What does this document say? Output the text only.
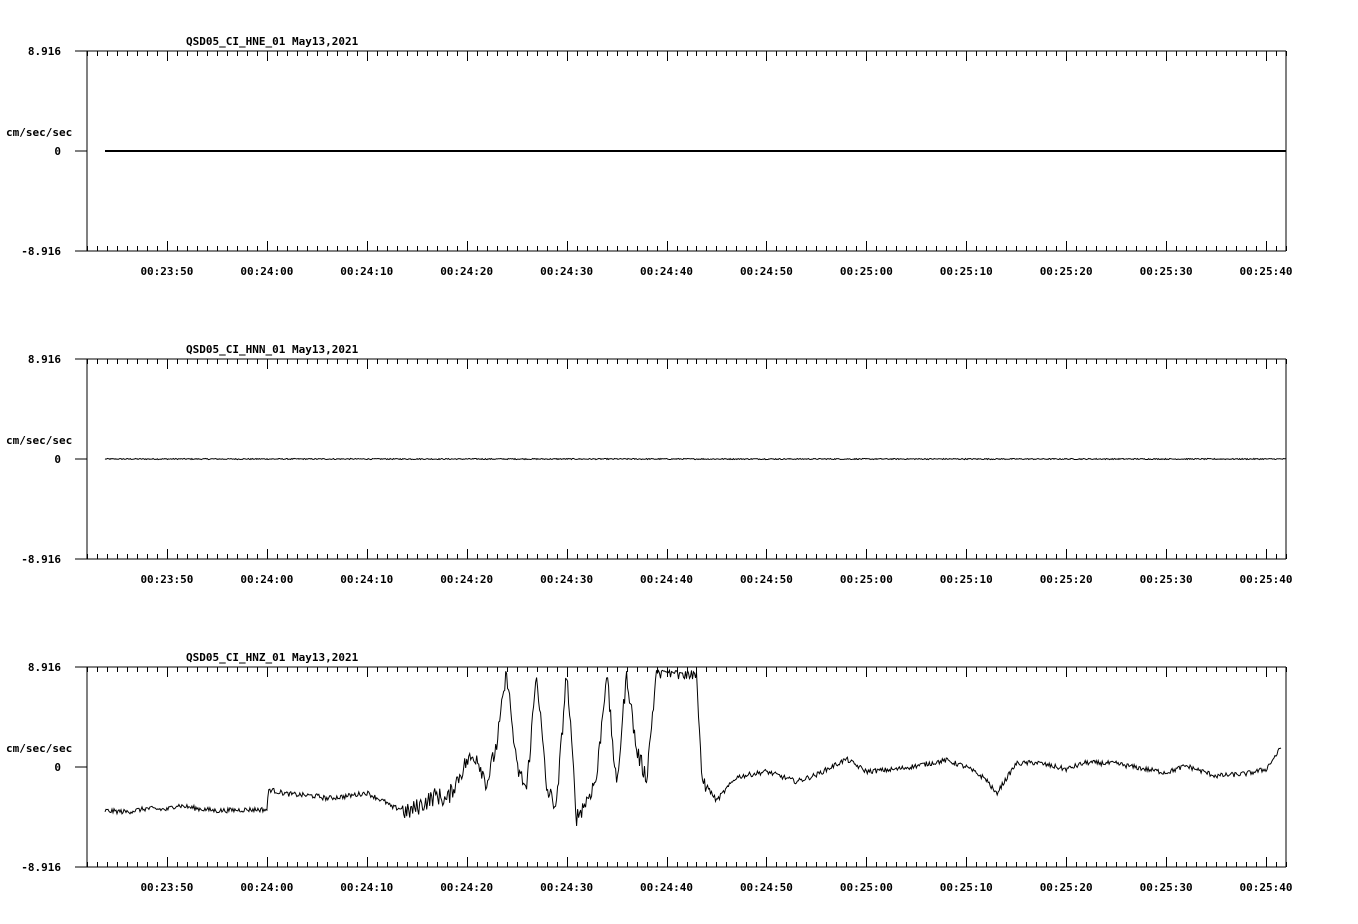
QSD05_CI_HNE_01 May13,2021
8.916
0
-8.916
cm/sec/sec
00:23:50	00:24:00	00:24:10	00:24:20	00:24:30	00:24:40	00:24:50	00:25:00	00:25:10	00:25:20	00:25:30	00:25:40
QSD05_CI_HNN_01 May13,2021
8.916
0
-8.916
cm/sec/sec
00:23:50	00:24:00	00:24:10	00:24:20	00:24:30	00:24:40	00:24:50	00:25:00	00:25:10	00:25:20	00:25:30	00:25:40
QSD05_CI_HNZ_01 May13,2021
8.916
0
-8.916
cm/sec/sec
00:23:50	00:24:00	00:24:10	00:24:20	00:24:30	00:24:40	00:24:50	00:25:00	00:25:10	00:25:20	00:25:30	00:25:40
